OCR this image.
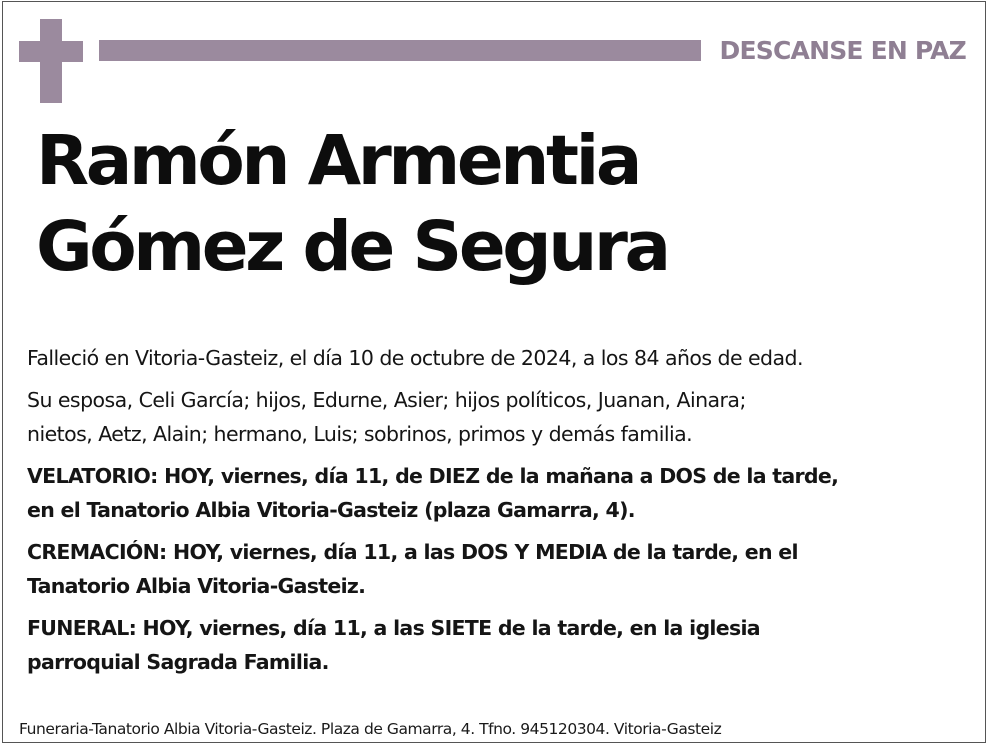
DESCANSE EN PAZ
Ramón Armentia
Gómez de Segura

Falleció en Vitoria-Gasteiz, el día 10 de octubre de 2024, a los 84 años de edad.

Su esposa, Celi García; hijos, Edurne, Asier; hijos políticos, Juanan, Ainara;
nietos, Aetz, Alain; hermano, Luis; sobrinos, primos y demás familia.

VELATORIO: HOY, viernes, día 11, de DIEZ de la mañana a DOS de la tarde,
en el Tanatorio Albia Vitoria-Gasteiz (plaza Gamarra, 4).

CREMACIÓN: HOY, viernes, día 11, a las DOS Y MEDIA de la tarde, en el
Tanatorio Albia Vitoria-Gasteiz.

FUNERAL: HOY, viernes, día 11, a las SIETE de la tarde, en la iglesia
parroquial Sagrada Familia.

Funeraria-Tanatorio Albia Vitoria-Gasteiz. Plaza de Gamarra, 4. Tfno. 945120304. Vitoria-Gasteiz
